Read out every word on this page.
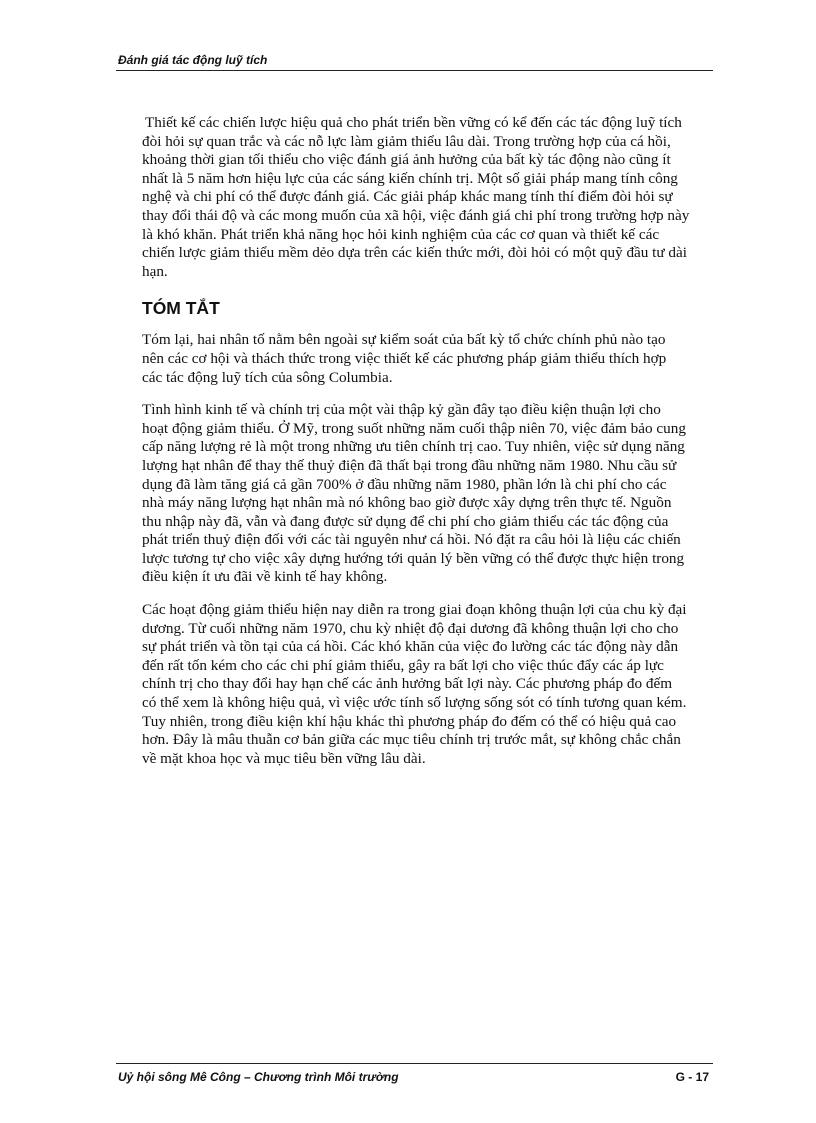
Đánh giá tác động luỹ tích

Thiết kế các chiến lược hiệu quả cho phát triển bền vững có kể đến các tác động luỹ tích đòi hỏi sự quan trắc và các nỗ lực làm giảm thiểu lâu dài. Trong trường hợp của cá hồi, khoảng thời gian tối thiểu cho việc đánh giá ảnh hưởng của bất kỳ tác động nào cũng ít nhất là 5 năm hơn hiệu lực của các sáng kiến chính trị. Một số giải pháp mang tính công nghệ và chi phí có thể được đánh giá. Các giải pháp khác mang tính thí điểm đòi hỏi sự thay đổi thái độ và các mong muốn của xã hội, việc đánh giá chi phí trong trường hợp này là khó khăn. Phát triển khả năng học hỏi kinh nghiệm của các cơ quan và thiết kế các chiến lược giảm thiểu mềm dẻo dựa trên các kiến thức mới, đòi hỏi có một quỹ đầu tư dài hạn.

TÓM TẮT

Tóm lại, hai nhân tố nằm bên ngoài sự kiểm soát của bất kỳ tổ chức chính phủ nào tạo nên các cơ hội và thách thức trong việc thiết kế các phương pháp giảm thiểu thích hợp các tác động luỹ tích của sông Columbia.

Tình hình kinh tế và chính trị của một vài thập kỷ gần đây tạo điều kiện thuận lợi cho hoạt động giảm thiểu. Ở Mỹ, trong suốt những năm cuối thập niên 70, việc đảm bảo cung cấp năng lượng rẻ là một trong những ưu tiên chính trị cao. Tuy nhiên, việc sử dụng năng lượng hạt nhân để thay thế thuỷ điện đã thất bại trong đầu những năm 1980. Nhu cầu sử dụng đã làm tăng giá cả gần 700% ở đầu những năm 1980, phần lớn là chi phí cho các nhà máy năng lượng hạt nhân mà nó không bao giờ được xây dựng trên thực tế. Nguồn thu nhập này đã, vẫn và đang được sử dụng để chi phí cho giảm thiểu các tác động của phát triển thuỷ điện đối với các tài nguyên như cá hồi. Nó đặt ra câu hỏi là liệu các chiến lược tương tự cho việc xây dựng hướng tới quản lý bền vững có thể được thực hiện trong điều kiện ít ưu đãi về kinh tế hay không.

Các hoạt động giảm thiểu hiện nay diễn ra trong giai đoạn không thuận lợi của chu kỳ đại dương. Từ cuối những năm 1970, chu kỳ nhiệt độ đại dương đã không thuận lợi cho cho sự phát triển và tồn tại của cá hồi. Các khó khăn của việc đo lường các tác động này dẫn đến rất tốn kém cho các chi phí giảm thiểu, gây ra bất lợi cho việc thúc đẩy các áp lực chính trị cho thay đổi hay hạn chế các ảnh hưởng bất lợi này. Các phương pháp đo đếm có thể xem là không hiệu quả, vì việc ước tính số lượng sống sót có tính tương quan kém. Tuy nhiên, trong điều kiện khí hậu khác thì phương pháp đo đếm có thể có hiệu quả cao hơn. Đây là mâu thuẫn cơ bản giữa các mục tiêu chính trị trước mắt, sự không chắc chắn về mặt khoa học và mục tiêu bền vững lâu dài.

Uỷ hội sông Mê Công – Chương trình Môi trường	G - 17
